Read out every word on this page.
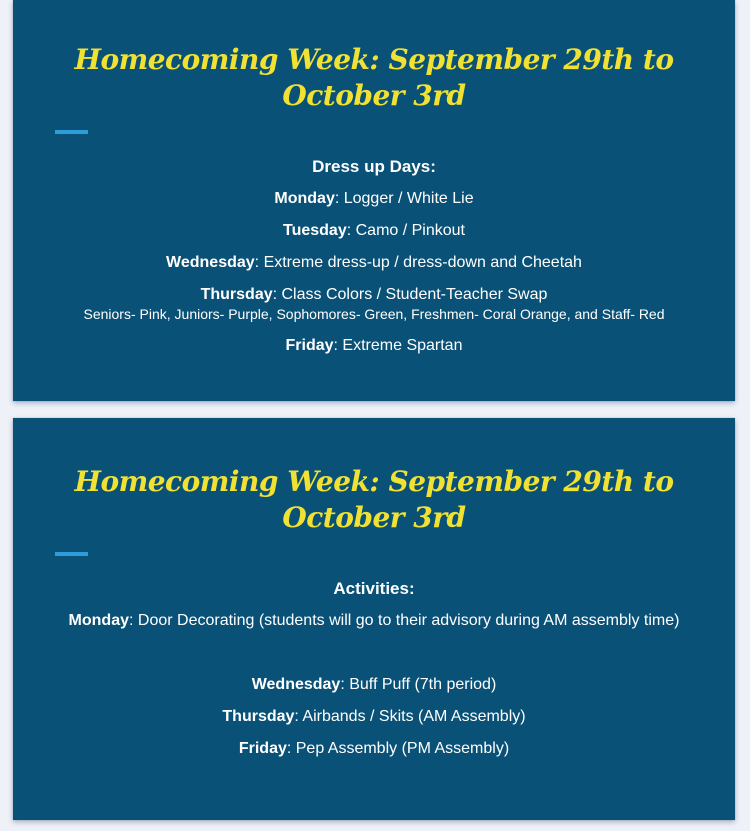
Homecoming Week: September 29th to October 3rd

Dress up Days:

Monday: Logger / White Lie

Tuesday: Camo / Pinkout

Wednesday: Extreme dress-up / dress-down and Cheetah

Thursday: Class Colors / Student-Teacher Swap

Seniors- Pink, Juniors- Purple, Sophomores- Green, Freshmen- Coral Orange, and Staff- Red

Friday: Extreme Spartan

Homecoming Week: September 29th to October 3rd

Activities:

Monday: Door Decorating (students will go to their advisory during AM assembly time)

Wednesday: Buff Puff (7th period)

Thursday: Airbands / Skits (AM Assembly)

Friday: Pep Assembly (PM Assembly)
